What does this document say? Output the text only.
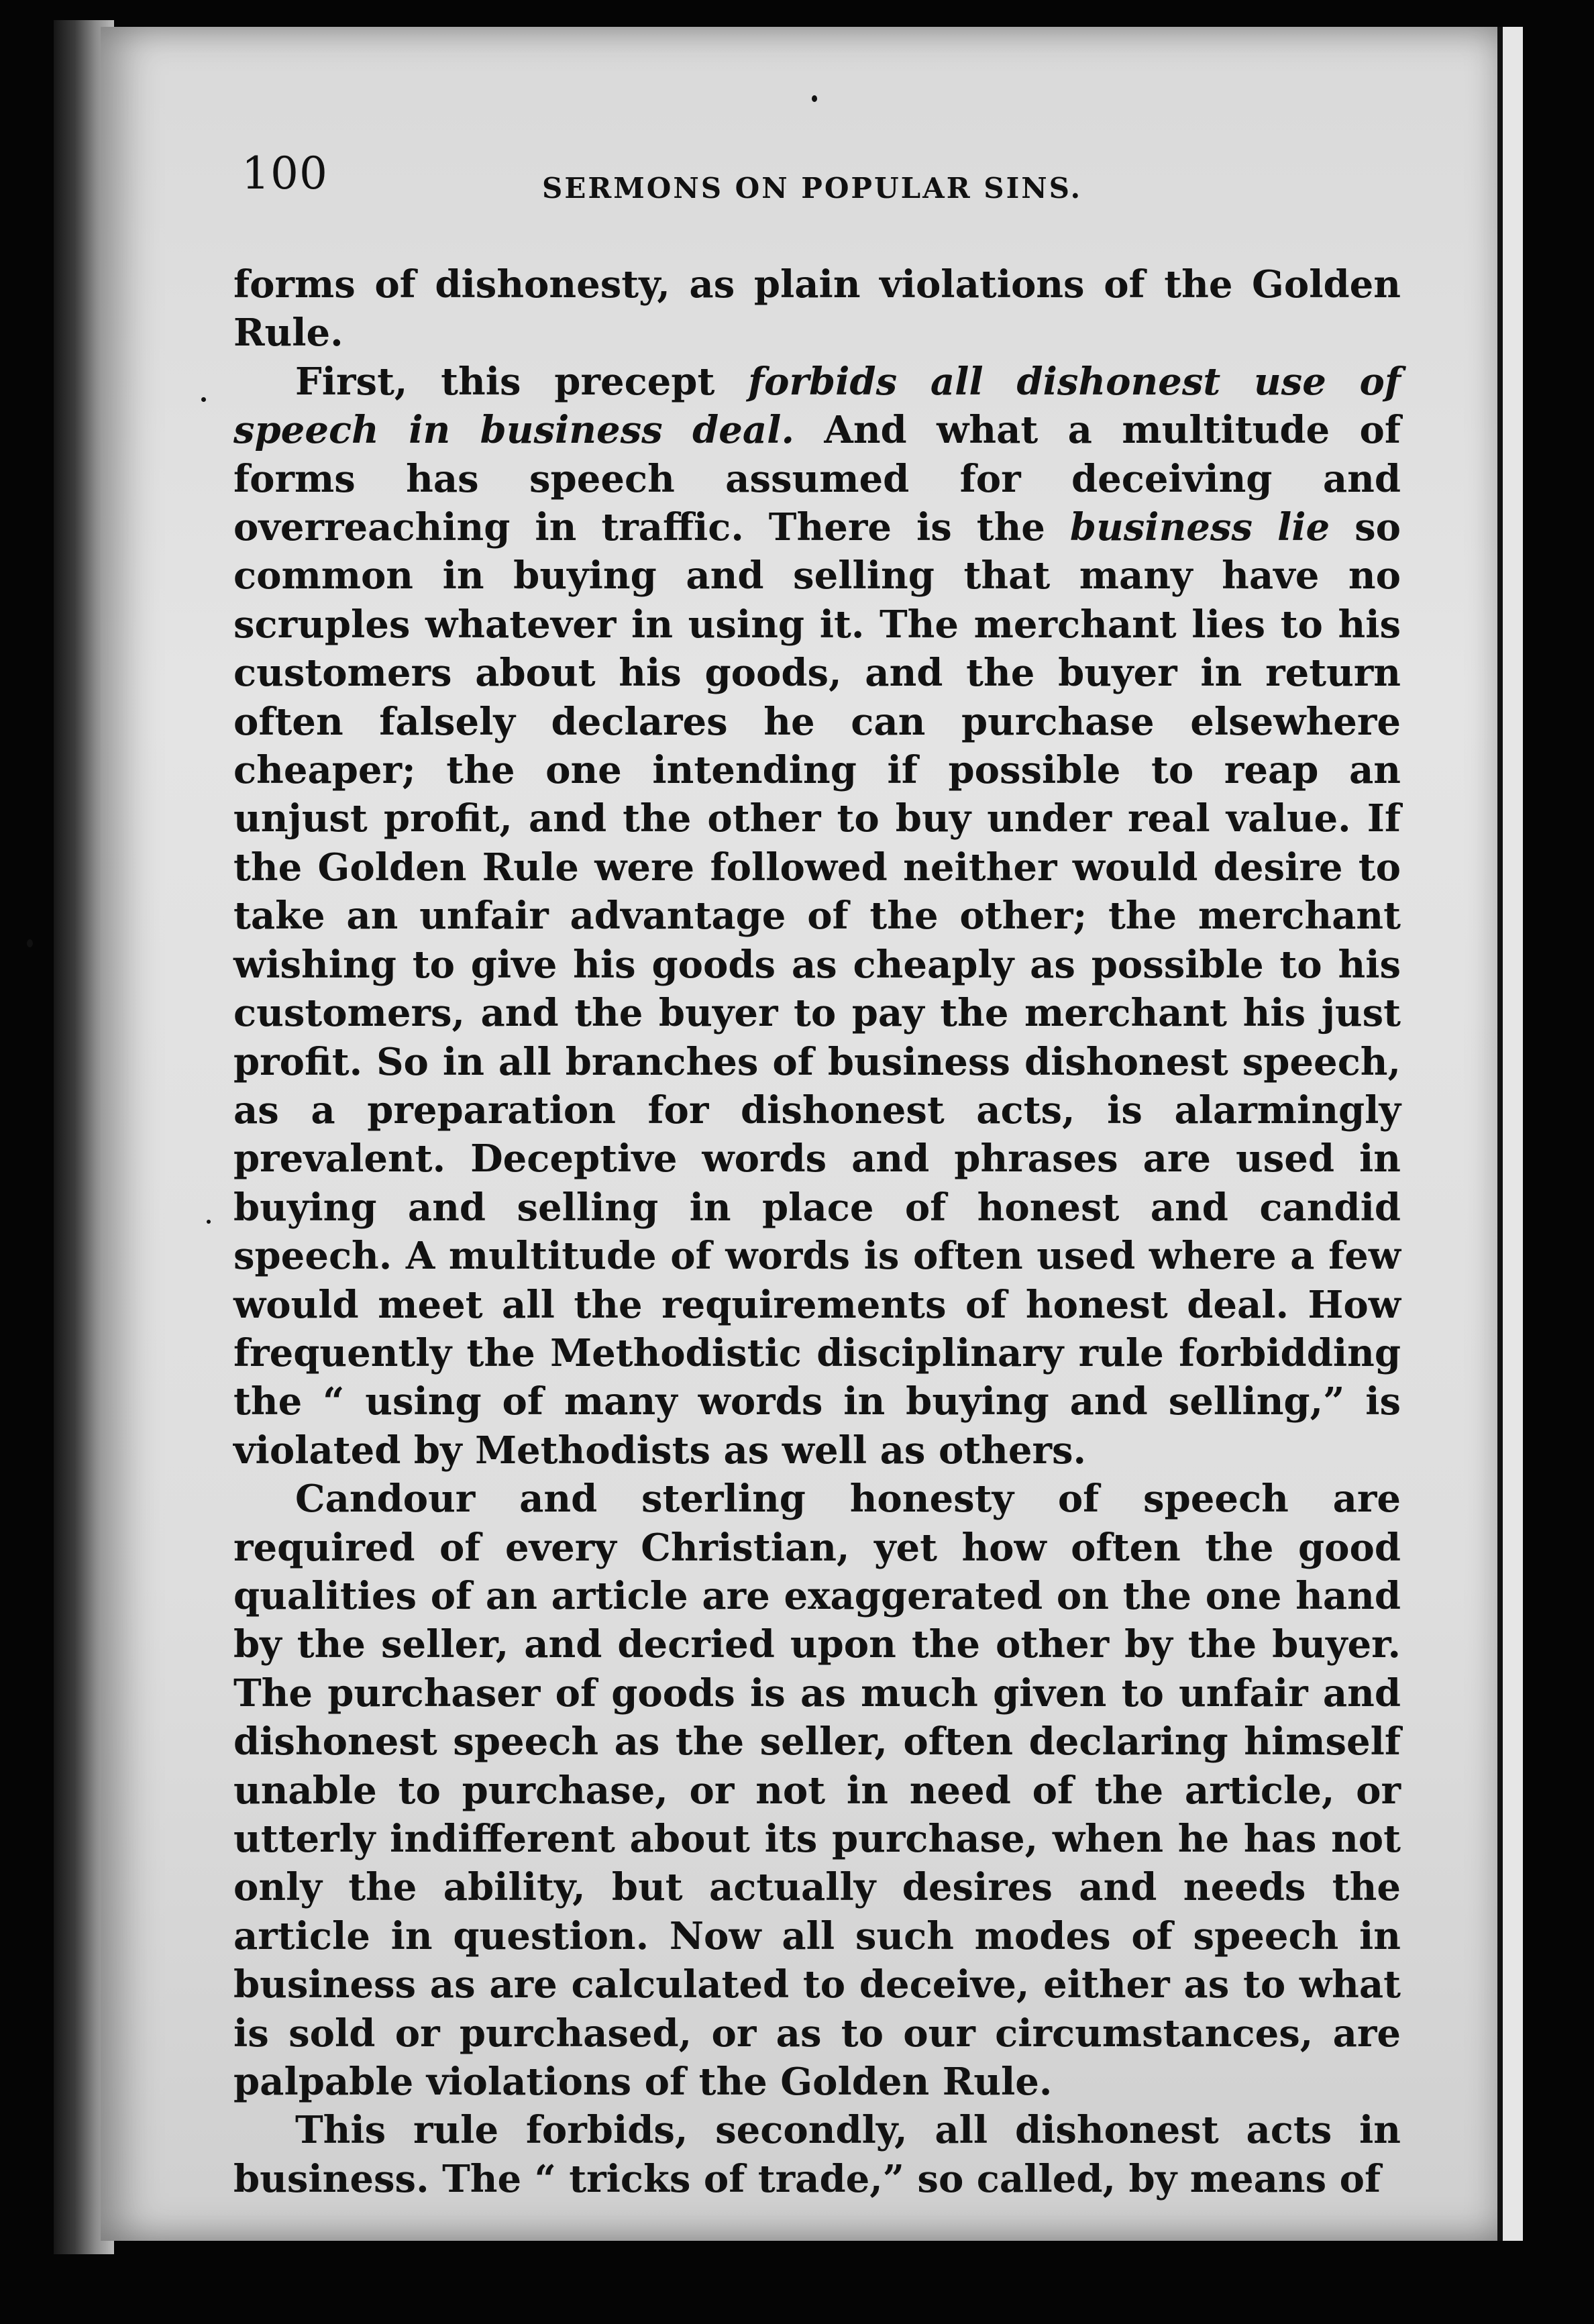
100	SERMONS ON POPULAR SINS.

forms of dishonesty, as plain violations of the Golden Rule.

First, this precept forbids all dishonest use of speech in business deal. And what a multitude of forms has speech assumed for deceiving and overreaching in traffic. There is the business lie so common in buying and selling that many have no scruples whatever in using it. The merchant lies to his customers about his goods, and the buyer in return often falsely declares he can purchase elsewhere cheaper; the one intending if possible to reap an unjust profit, and the other to buy under real value. If the Golden Rule were followed neither would desire to take an unfair advantage of the other; the merchant wishing to give his goods as cheaply as possible to his customers, and the buyer to pay the merchant his just profit. So in all branches of business dishonest speech, as a preparation for dishonest acts, is alarmingly prevalent. Deceptive words and phrases are used in buying and selling in place of honest and candid speech. A multitude of words is often used where a few would meet all the requirements of honest deal. How frequently the Methodistic disciplinary rule forbidding the “ using of many words in buying and selling,” is violated by Methodists as well as others.

Candour and sterling honesty of speech are required of every Christian, yet how often the good qualities of an article are exaggerated on the one hand by the seller, and decried upon the other by the buyer. The purchaser of goods is as much given to unfair and dishonest speech as the seller, often declaring himself unable to purchase, or not in need of the article, or utterly indifferent about its purchase, when he has not only the ability, but actually desires and needs the article in question. Now all such modes of speech in business as are calculated to deceive, either as to what is sold or purchased, or as to our circumstances, are palpable violations of the Golden Rule.

This rule forbids, secondly, all dishonest acts in business. The “ tricks of trade,” so called, by means of
